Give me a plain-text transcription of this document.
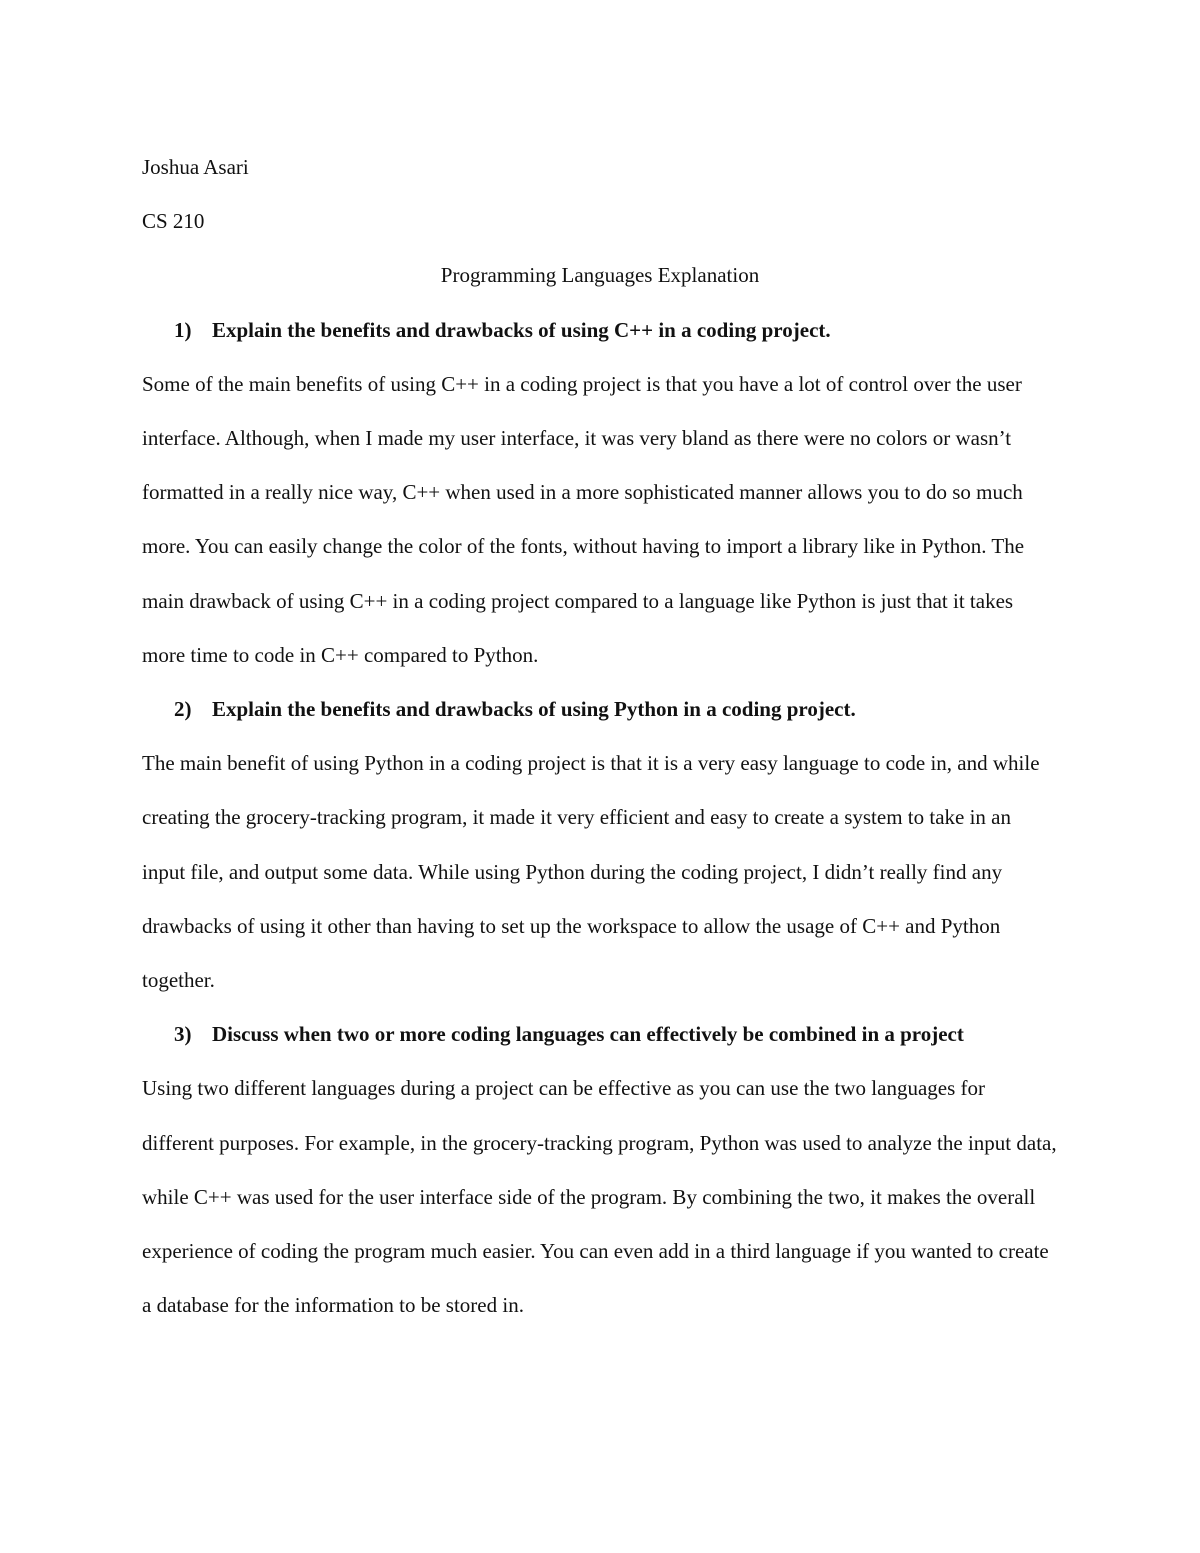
Joshua Asari

CS 210

Programming Languages Explanation

1) Explain the benefits and drawbacks of using C++ in a coding project.

Some of the main benefits of using C++ in a coding project is that you have a lot of control over the user interface. Although, when I made my user interface, it was very bland as there were no colors or wasn’t formatted in a really nice way, C++ when used in a more sophisticated manner allows you to do so much more. You can easily change the color of the fonts, without having to import a library like in Python. The main drawback of using C++ in a coding project compared to a language like Python is just that it takes more time to code in C++ compared to Python.

2) Explain the benefits and drawbacks of using Python in a coding project.

The main benefit of using Python in a coding project is that it is a very easy language to code in, and while creating the grocery-tracking program, it made it very efficient and easy to create a system to take in an input file, and output some data. While using Python during the coding project, I didn’t really find any drawbacks of using it other than having to set up the workspace to allow the usage of C++ and Python together.

3) Discuss when two or more coding languages can effectively be combined in a project

Using two different languages during a project can be effective as you can use the two languages for different purposes. For example, in the grocery-tracking program, Python was used to analyze the input data, while C++ was used for the user interface side of the program. By combining the two, it makes the overall experience of coding the program much easier. You can even add in a third language if you wanted to create a database for the information to be stored in.
